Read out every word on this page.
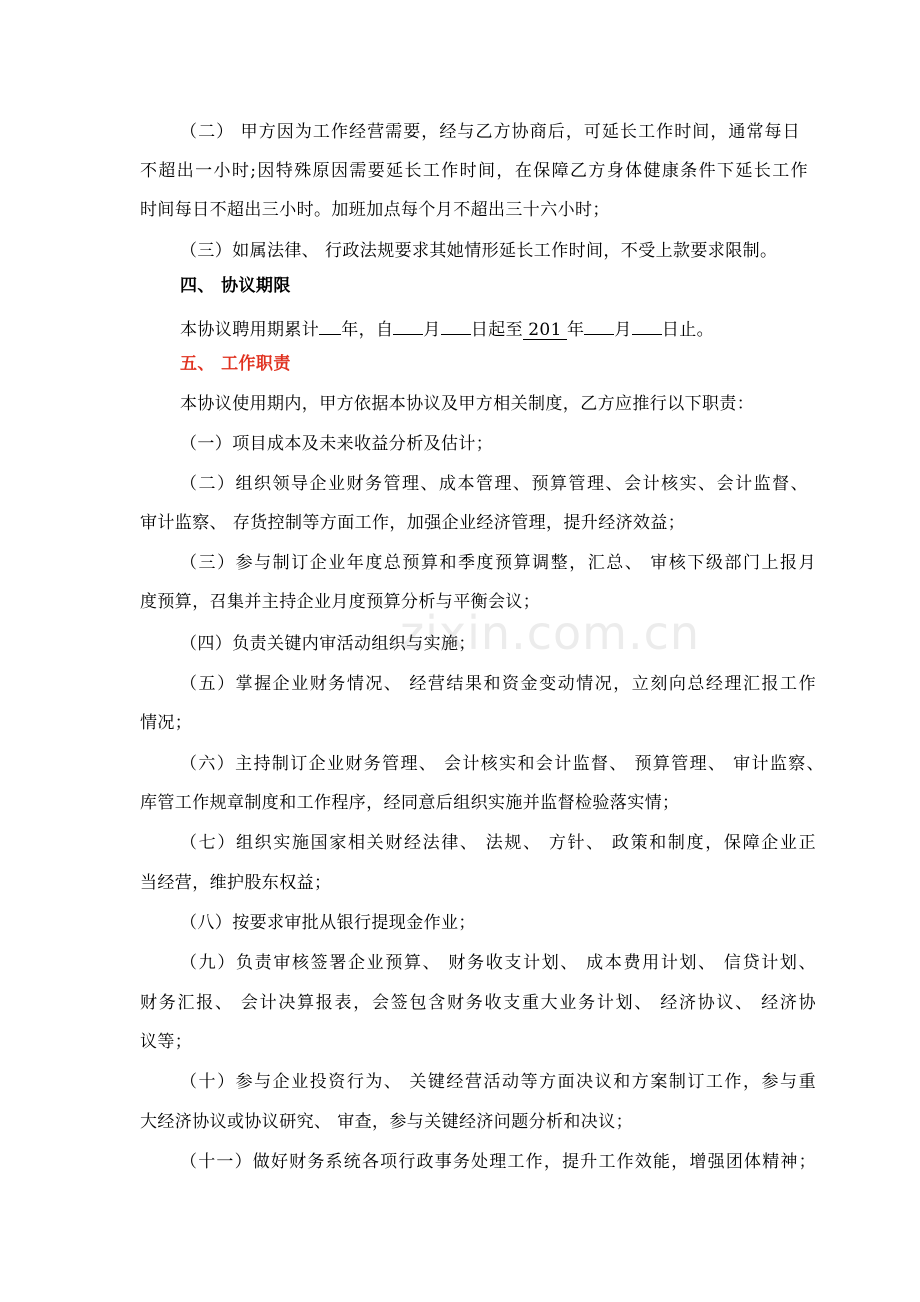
zixin.com.cn
（二） 甲方因为工作经营需要，经与乙方协商后，可延长工作时间，通常每日
不超出一小时;因特殊原因需要延长工作时间，在保障乙方身体健康条件下延长工作
时间每日不超出三小时。加班加点每个月不超出三十六小时；
（三）如属法律、 行政法规要求其她情形延长工作时间，不受上款要求限制。
四、 协议期限
本协议聘用期累计 年，自 月 日起至 201 年 月 日止。
五、 工作职责
本协议使用期内，甲方依据本协议及甲方相关制度，乙方应推行以下职责：
（一）项目成本及未来收益分析及估计；
（二）组织领导企业财务管理、成本管理、预算管理、会计核实、会计监督、
审计监察、 存货控制等方面工作，加强企业经济管理，提升经济效益；
（三）参与制订企业年度总预算和季度预算调整，汇总、 审核下级部门上报月
度预算，召集并主持企业月度预算分析与平衡会议；
（四）负责关键内审活动组织与实施；
（五）掌握企业财务情况、 经营结果和资金变动情况，立刻向总经理汇报工作
情况；
（六）主持制订企业财务管理、 会计核实和会计监督、 预算管理、 审计监察、
库管工作规章制度和工作程序，经同意后组织实施并监督检验落实情；
（七）组织实施国家相关财经法律、 法规、 方针、 政策和制度，保障企业正
当经营，维护股东权益；
（八）按要求审批从银行提现金作业；
（九）负责审核签署企业预算、 财务收支计划、 成本费用计划、 信贷计划、
财务汇报、 会计决算报表，会签包含财务收支重大业务计划、 经济协议、 经济协
议等；
（十）参与企业投资行为、 关键经营活动等方面决议和方案制订工作，参与重
大经济协议或协议研究、 审查，参与关键经济问题分析和决议；
（十一）做好财务系统各项行政事务处理工作，提升工作效能，增强团体精神；
